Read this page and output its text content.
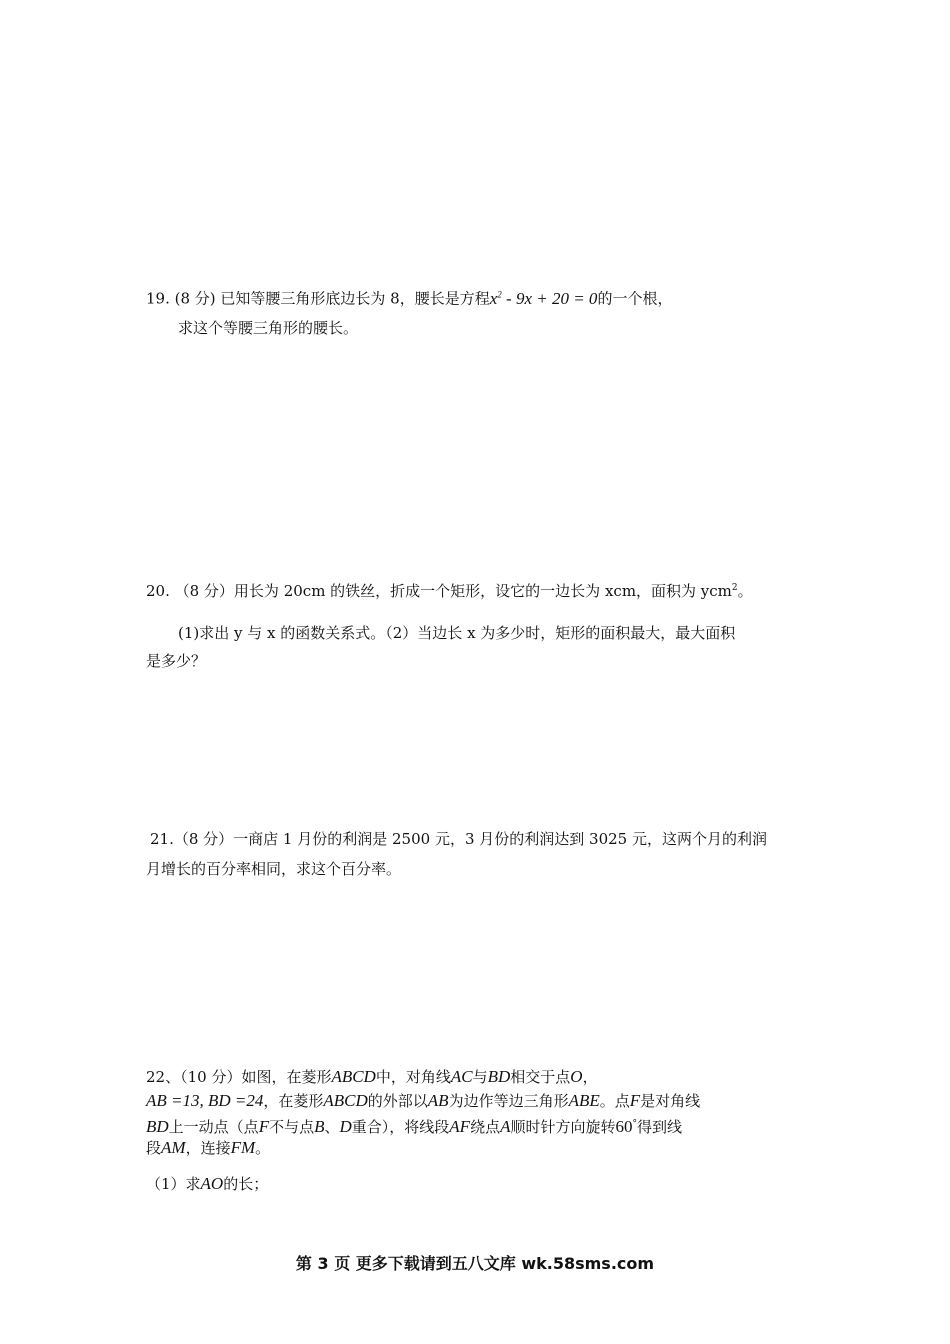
19. (8 分) 已知等腰三角形底边长为 8，腰长是方程$x^2 - 9x + 20 = 0$的一个根，
求这个等腰三角形的腰长。
20. （8 分）用长为 20cm 的铁丝，折成一个矩形，设它的一边长为 xcm，面积为 ycm$^2$。
(1)求出 y 与 x 的函数关系式。（2）当边长 x 为多少时，矩形的面积最大，最大面积
是多少？
21.（8 分）一商店 1 月份的利润是 2500 元，3 月份的利润达到 3025 元，这两个月的利润
月增长的百分率相同，求这个百分率。
22、（10 分）如图，在菱形ABCD中，对角线AC与BD相交于点O，
AB =13, BD =24，在菱形ABCD的外部以AB为边作等边三角形ABE。点F是对角线
BD上一动点（点F不与点B、D重合），将线段AF绕点A顺时针方向旋转60°得到线
段AM，连接FM。
（1）求AO的长；
第 3 页 更多下载请到五八文库 wk.58sms.com
